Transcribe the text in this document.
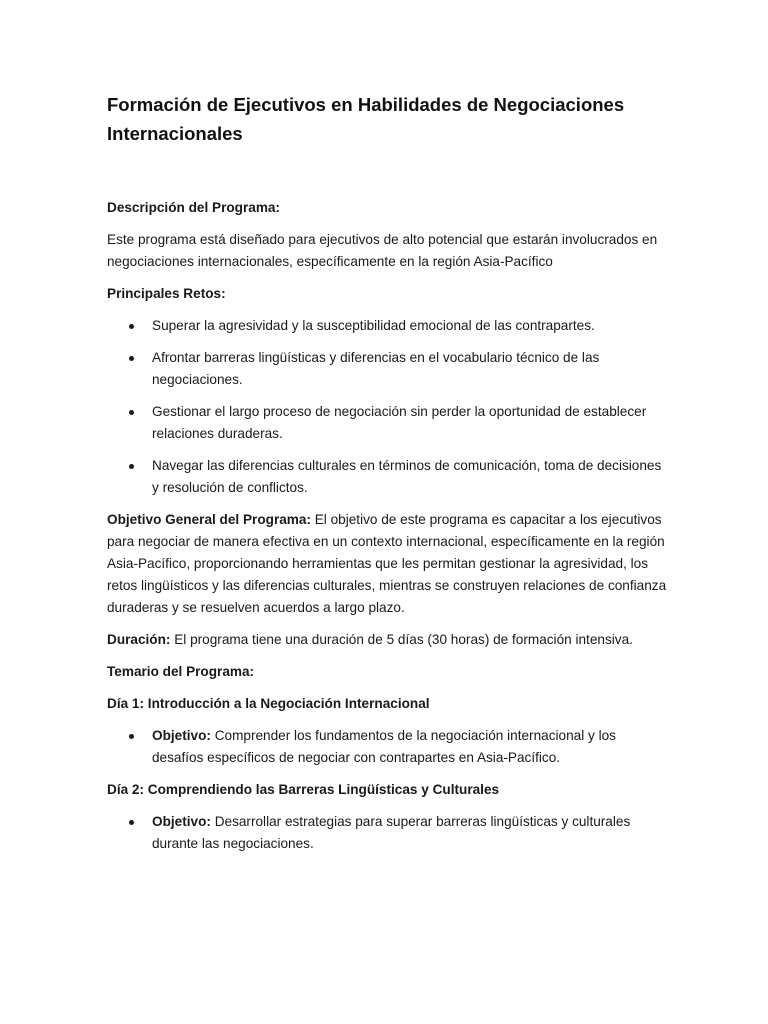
Formación de Ejecutivos en Habilidades de Negociaciones Internacionales

Descripción del Programa:

Este programa está diseñado para ejecutivos de alto potencial que estarán involucrados en negociaciones internacionales, específicamente en la región Asia-Pacífico

Principales Retos:

Superar la agresividad y la susceptibilidad emocional de las contrapartes.
Afrontar barreras lingüísticas y diferencias en el vocabulario técnico de las negociaciones.
Gestionar el largo proceso de negociación sin perder la oportunidad de establecer relaciones duraderas.
Navegar las diferencias culturales en términos de comunicación, toma de decisiones y resolución de conflictos.

Objetivo General del Programa: El objetivo de este programa es capacitar a los ejecutivos para negociar de manera efectiva en un contexto internacional, específicamente en la región Asia-Pacífico, proporcionando herramientas que les permitan gestionar la agresividad, los retos lingüísticos y las diferencias culturales, mientras se construyen relaciones de confianza duraderas y se resuelven acuerdos a largo plazo.

Duración: El programa tiene una duración de 5 días (30 horas) de formación intensiva.

Temario del Programa:

Día 1: Introducción a la Negociación Internacional

Objetivo: Comprender los fundamentos de la negociación internacional y los desafíos específicos de negociar con contrapartes en Asia-Pacífico.

Día 2: Comprendiendo las Barreras Lingüísticas y Culturales

Objetivo: Desarrollar estrategias para superar barreras lingüísticas y culturales durante las negociaciones.
